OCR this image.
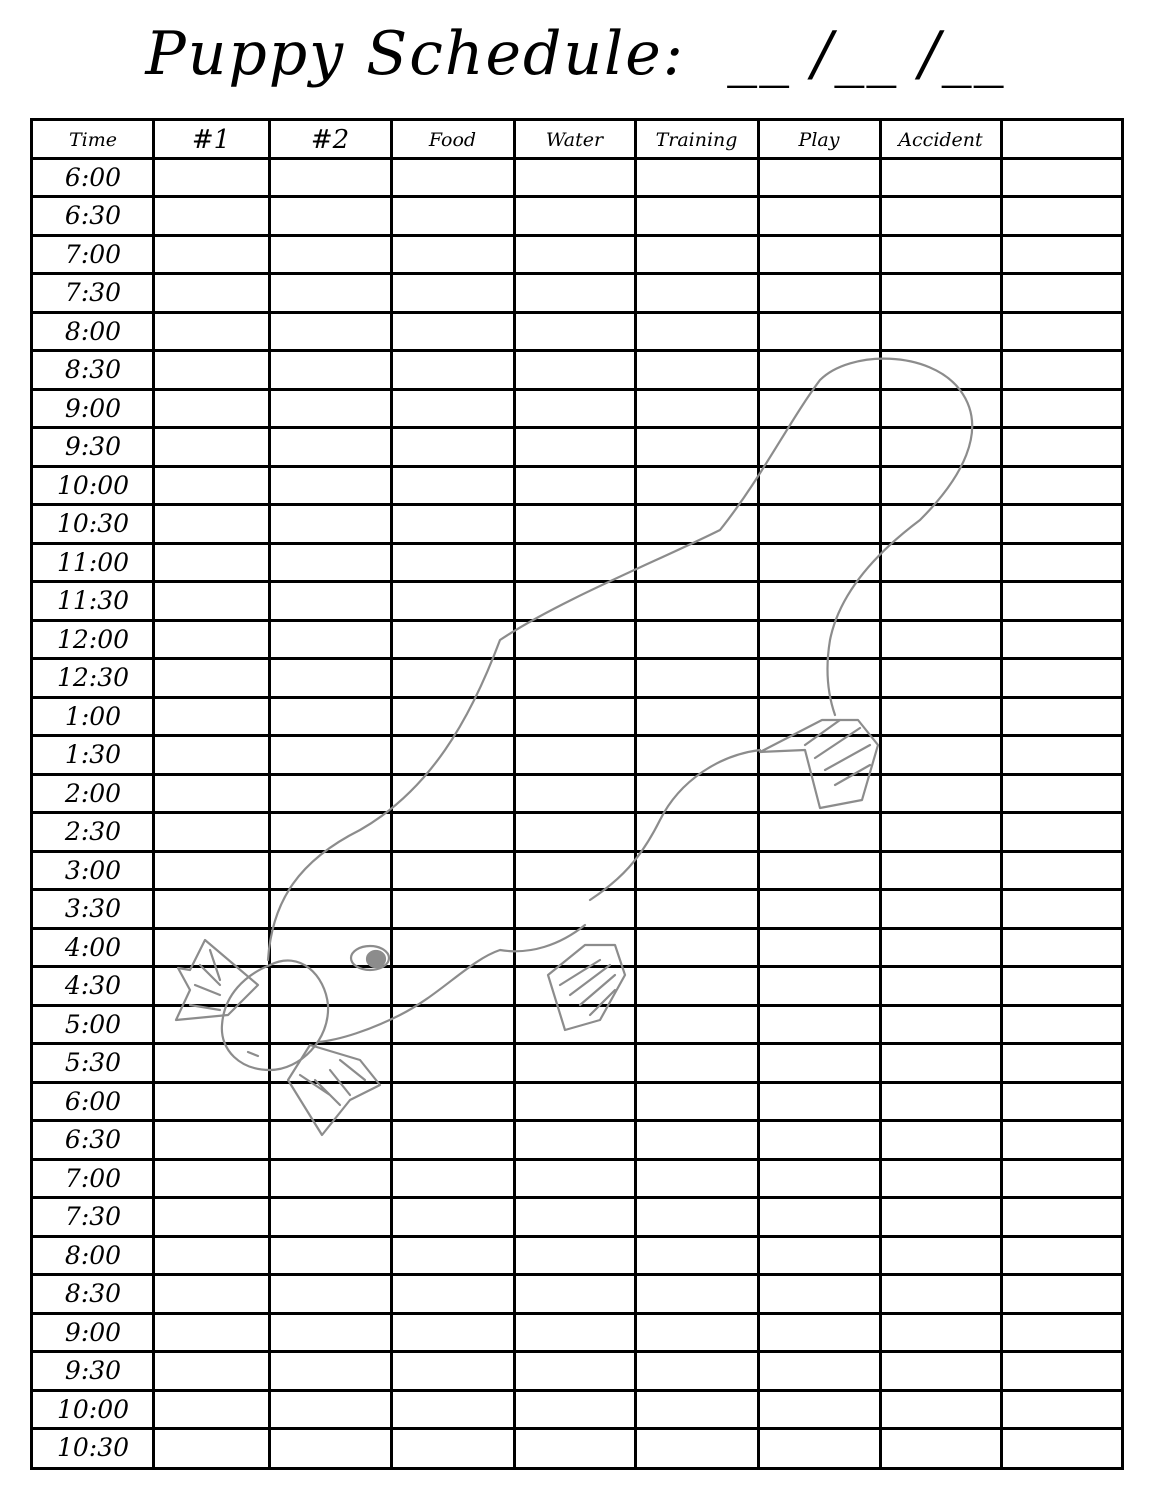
Puppy Schedule:  __ /__ /__
Time	#1	#2	Food	Water	Training	Play	Accident
6:00
6:30
7:00
7:30
8:00
8:30
9:00
9:30
10:00
10:30
11:00
11:30
12:00
12:30
1:00
1:30
2:00
2:30
3:00
3:30
4:00
4:30
5:00
5:30
6:00
6:30
7:00
7:30
8:00
8:30
9:00
9:30
10:00
10:30
